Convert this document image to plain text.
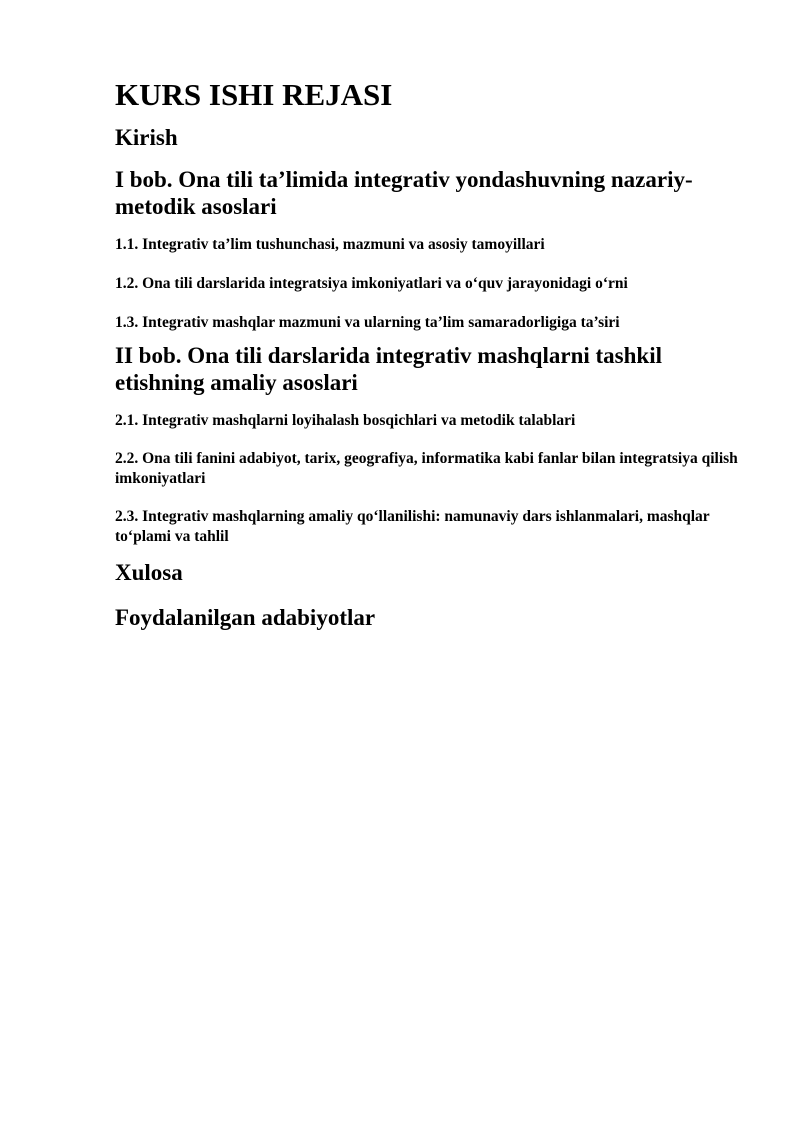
KURS ISHI REJASI
Kirish
I bob. Ona tili ta’limida integrativ yondashuvning nazariy-metodik asoslari

1.1. Integrativ ta’lim tushunchasi, mazmuni va asosiy tamoyillari

1.2. Ona tili darslarida integratsiya imkoniyatlari va o‘quv jarayonidagi o‘rni

1.3. Integrativ mashqlar mazmuni va ularning ta’lim samaradorligiga ta’siri

II bob. Ona tili darslarida integrativ mashqlarni tashkil etishning amaliy asoslari

2.1. Integrativ mashqlarni loyihalash bosqichlari va metodik talablari

2.2. Ona tili fanini adabiyot, tarix, geografiya, informatika kabi fanlar bilan integratsiya qilish imkoniyatlari

2.3. Integrativ mashqlarning amaliy qo‘llanilishi: namunaviy dars ishlanmalari, mashqlar to‘plami va tahlil

Xulosa
Foydalanilgan adabiyotlar
